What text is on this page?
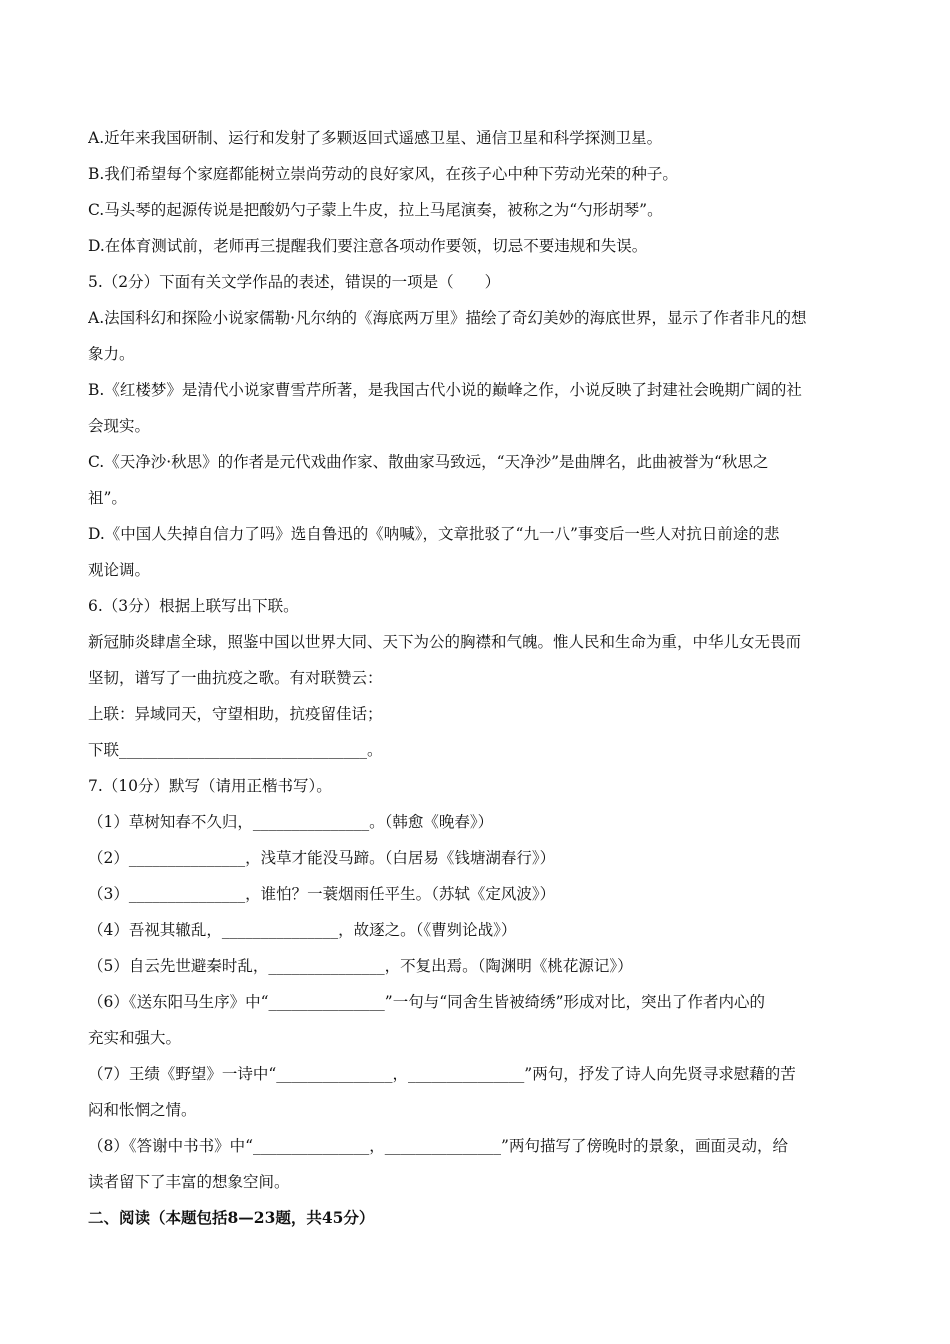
A.近年来我国研制、运行和发射了多颗返回式遥感卫星、通信卫星和科学探测卫星。
B.我们希望每个家庭都能树立崇尚劳动的良好家风，在孩子心中种下劳动光荣的种子。
C.马头琴的起源传说是把酸奶勺子蒙上牛皮，拉上马尾演奏，被称之为“勺形胡琴”。
D.在体育测试前，老师再三提醒我们要注意各项动作要领，切忌不要违规和失误。
5.（2分）下面有关文学作品的表述，错误的一项是（　　）
A.法国科幻和探险小说家儒勒·凡尔纳的《海底两万里》描绘了奇幻美妙的海底世界，显示了作者非凡的想
象力。
B.《红楼梦》是清代小说家曹雪芹所著，是我国古代小说的巅峰之作，小说反映了封建社会晚期广阔的社
会现实。
C.《天净沙·秋思》的作者是元代戏曲作家、散曲家马致远，“天净沙”是曲牌名，此曲被誉为“秋思之
祖”。
D.《中国人失掉自信力了吗》选自鲁迅的《呐喊》，文章批驳了“九一八”事变后一些人对抗日前途的悲
观论调。
6.（3分）根据上联写出下联。
新冠肺炎肆虐全球，照鉴中国以世界大同、天下为公的胸襟和气魄。惟人民和生命为重，中华儿女无畏而
坚韧，谱写了一曲抗疫之歌。有对联赞云：
上联：异域同天，守望相助，抗疫留佳话；
下联________________________________。
7.（10分）默写（请用正楷书写）。
（1）草树知春不久归，_______________。（韩愈《晚春》）
（2）_______________，浅草才能没马蹄。（白居易《钱塘湖春行》）
（3）_______________，谁怕？一蓑烟雨任平生。（苏轼《定风波》）
（4）吾视其辙乱，_______________，故逐之。（《曹刿论战》）
（5）自云先世避秦时乱，_______________，不复出焉。（陶渊明《桃花源记》）
（6）《送东阳马生序》中“_______________”一句与“同舍生皆被绮绣”形成对比，突出了作者内心的
充实和强大。
（7）王绩《野望》一诗中“_______________，_______________”两句，抒发了诗人向先贤寻求慰藉的苦
闷和怅惘之情。
（8）《答谢中书书》中“_______________，_______________”两句描写了傍晚时的景象，画面灵动，给
读者留下了丰富的想象空间。
二、阅读（本题包括8—23题，共45分）
